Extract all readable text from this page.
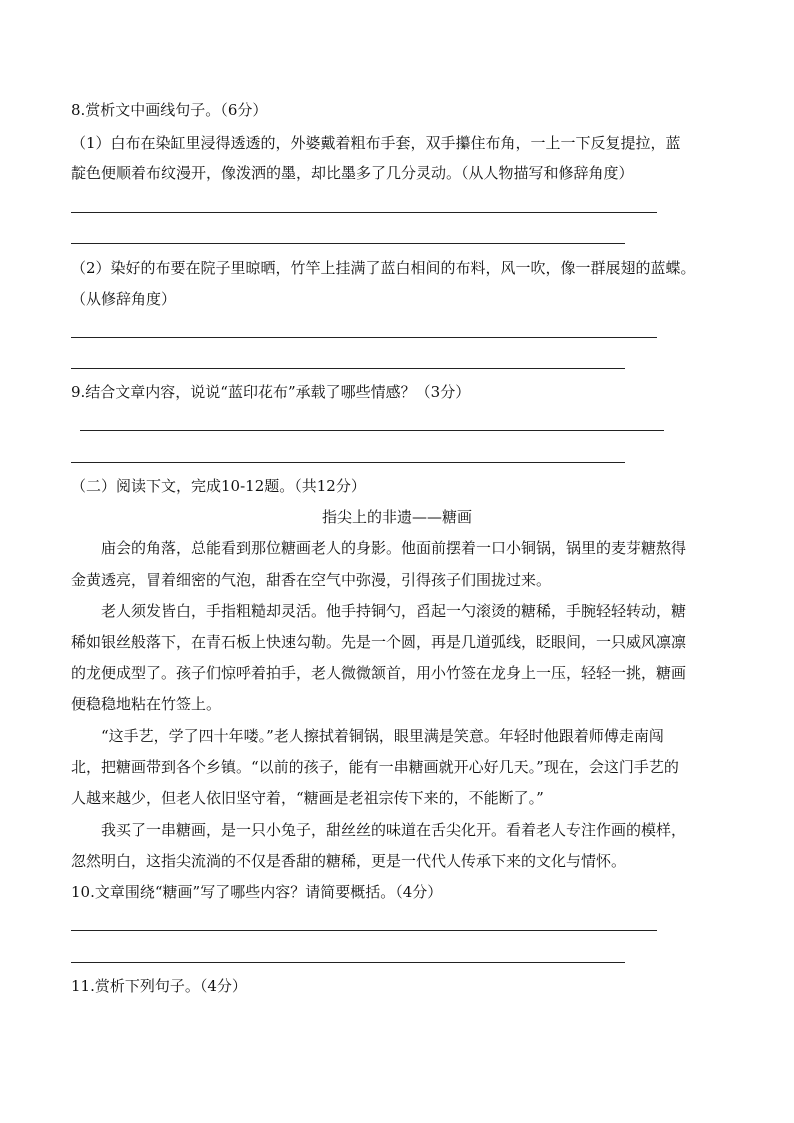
8.赏析文中画线句子。（6分）
（1）白布在染缸里浸得透透的，外婆戴着粗布手套，双手攥住布角，一上一下反复提拉，蓝
靛色便顺着布纹漫开，像泼洒的墨，却比墨多了几分灵动。（从人物描写和修辞角度）
（2）染好的布要在院子里晾晒，竹竿上挂满了蓝白相间的布料，风一吹，像一群展翅的蓝蝶。
（从修辞角度）
9.结合文章内容，说说“蓝印花布”承载了哪些情感？（3分）
（二）阅读下文，完成10-12题。（共12分）
指尖上的非遗——糖画
庙会的角落，总能看到那位糖画老人的身影。他面前摆着一口小铜锅，锅里的麦芽糖熬得
金黄透亮，冒着细密的气泡，甜香在空气中弥漫，引得孩子们围拢过来。
老人须发皆白，手指粗糙却灵活。他手持铜勺，舀起一勺滚烫的糖稀，手腕轻轻转动，糖
稀如银丝般落下，在青石板上快速勾勒。先是一个圆，再是几道弧线，眨眼间，一只威风凛凛
的龙便成型了。孩子们惊呼着拍手，老人微微颔首，用小竹签在龙身上一压，轻轻一挑，糖画
便稳稳地粘在竹签上。
“这手艺，学了四十年喽。”老人擦拭着铜锅，眼里满是笑意。年轻时他跟着师傅走南闯
北，把糖画带到各个乡镇。“以前的孩子，能有一串糖画就开心好几天。”现在，会这门手艺的
人越来越少，但老人依旧坚守着，“糖画是老祖宗传下来的，不能断了。”
我买了一串糖画，是一只小兔子，甜丝丝的味道在舌尖化开。看着老人专注作画的模样，
忽然明白，这指尖流淌的不仅是香甜的糖稀，更是一代代人传承下来的文化与情怀。
10.文章围绕“糖画”写了哪些内容？请简要概括。（4分）
11.赏析下列句子。（4分）
